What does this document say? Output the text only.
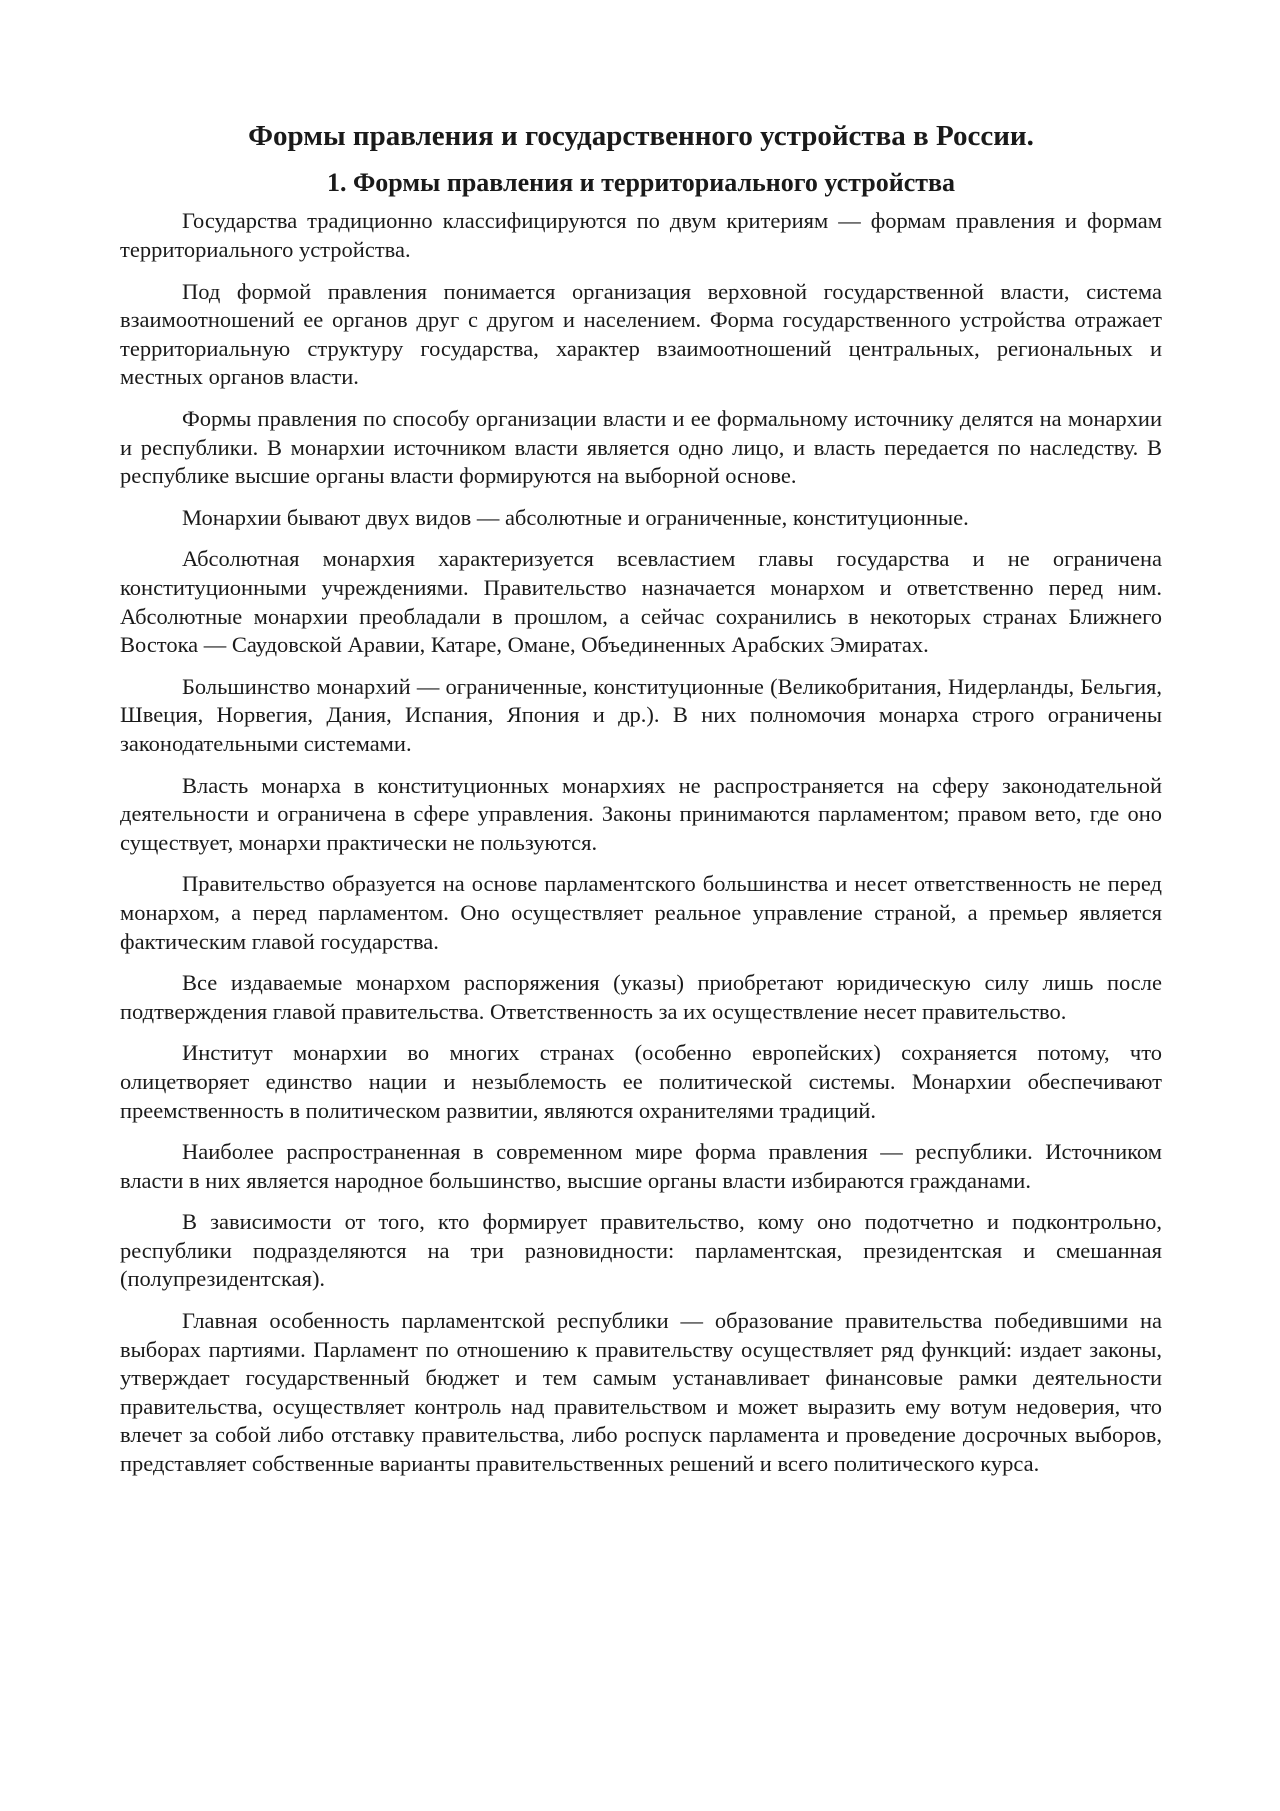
Формы правления и государственного устройства в России.
1. Формы правления и территориального устройства

Государства традиционно классифицируются по двум критериям — формам правления и формам территориального устройства.

Под формой правления понимается организация верховной государственной власти, система взаимоотношений ее органов друг с другом и населением. Форма государственного устройства отражает территориальную структуру государства, характер взаимоотношений центральных, региональных и местных органов власти.

Формы правления по способу организации власти и ее формальному источнику делятся на монархии и республики. В монархии источником власти является одно лицо, и власть передается по наследству. В республике высшие органы власти формируются на выборной основе.

Монархии бывают двух видов — абсолютные и ограниченные, конституционные.

Абсолютная монархия характеризуется всевластием главы государства и не ограничена конституционными учреждениями. Правительство назначается монархом и ответственно перед ним. Абсолютные монархии преобладали в прошлом, а сейчас сохранились в некоторых странах Ближнего Востока — Саудовской Аравии, Катаре, Омане, Объединенных Арабских Эмиратах.

Большинство монархий — ограниченные, конституционные (Великобритания, Нидерланды, Бельгия, Швеция, Норвегия, Дания, Испания, Япония и др.). В них полномочия монарха строго ограничены законодательными системами.

Власть монарха в конституционных монархиях не распространяется на сферу законодательной деятельности и ограничена в сфере управления. Законы принимаются парламентом; правом вето, где оно существует, монархи практически не пользуются.

Правительство образуется на основе парламентского большинства и несет ответственность не перед монархом, а перед парламентом. Оно осуществляет реальное управление страной, а премьер является фактическим главой государства.

Все издаваемые монархом распоряжения (указы) приобретают юридическую силу лишь после подтверждения главой правительства. Ответственность за их осуществление несет правительство.

Институт монархии во многих странах (особенно европейских) сохраняется потому, что олицетворяет единство нации и незыблемость ее политической системы. Монархии обеспечивают преемственность в политическом развитии, являются охранителями традиций.

Наиболее распространенная в современном мире форма правления — республики. Источником власти в них является народное большинство, высшие органы власти избираются гражданами.

В зависимости от того, кто формирует правительство, кому оно подотчетно и подконтрольно, республики подразделяются на три разновидности: парламентская, президентская и смешанная (полупрезидентская).

Главная особенность парламентской республики — образование правительства победившими на выборах партиями. Парламент по отношению к правительству осуществляет ряд функций: издает законы, утверждает государственный бюджет и тем самым устанавливает финансовые рамки деятельности правительства, осуществляет контроль над правительством и может выразить ему вотум недоверия, что влечет за собой либо отставку правительства, либо роспуск парламента и проведение досрочных выборов, представляет собственные варианты правительственных решений и всего политического курса.
